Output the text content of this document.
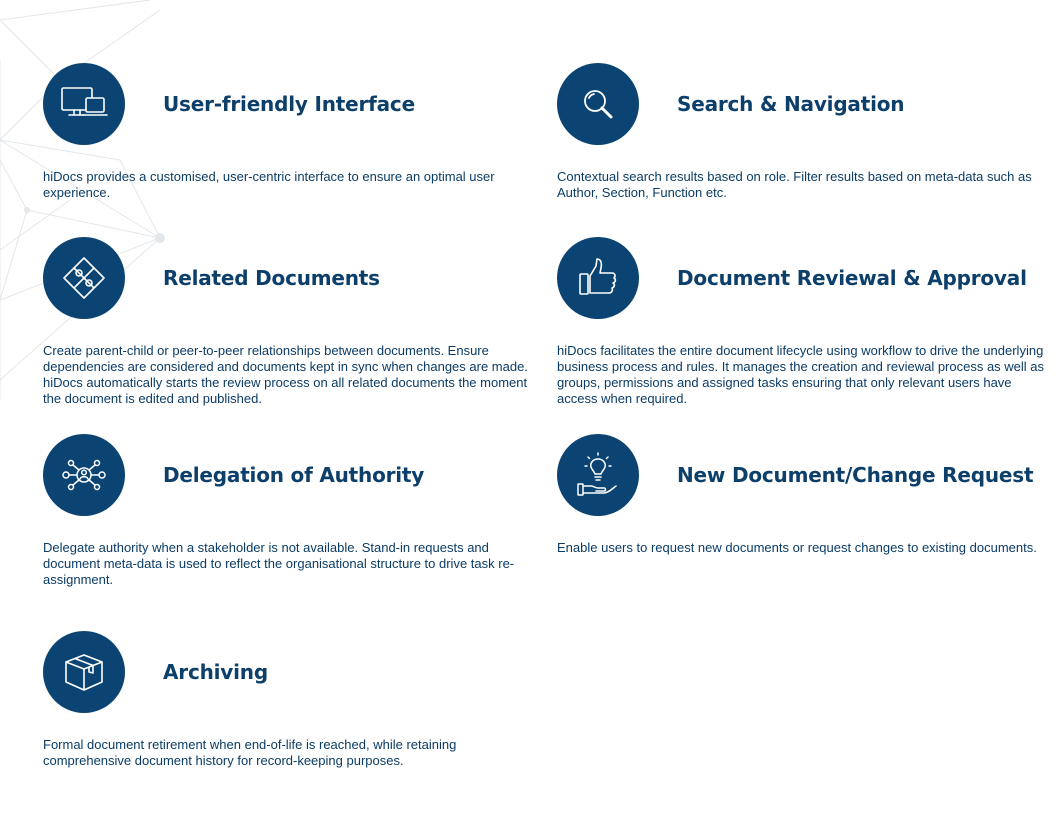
User-friendly Interface

hiDocs provides a customised, user-centric interface to ensure an optimal user experience.

Search & Navigation

Contextual search results based on role. Filter results based on meta-data such as Author, Section, Function etc.

Related Documents

Create parent-child or peer-to-peer relationships between documents. Ensure dependencies are considered and documents kept in sync when changes are made. hiDocs automatically starts the review process on all related documents the moment the document is edited and published.

Document Reviewal & Approval

hiDocs facilitates the entire document lifecycle using workflow to drive the underlying business process and rules. It manages the creation and reviewal process as well as groups, permissions and assigned tasks ensuring that only relevant users have access when required.

Delegation of Authority

Delegate authority when a stakeholder is not available. Stand-in requests and document meta-data is used to reflect the organisational structure to drive task re-assignment.

New Document/Change Request

Enable users to request new documents or request changes to existing documents.

Archiving

Formal document retirement when end-of-life is reached, while retaining comprehensive document history for record-keeping purposes.
